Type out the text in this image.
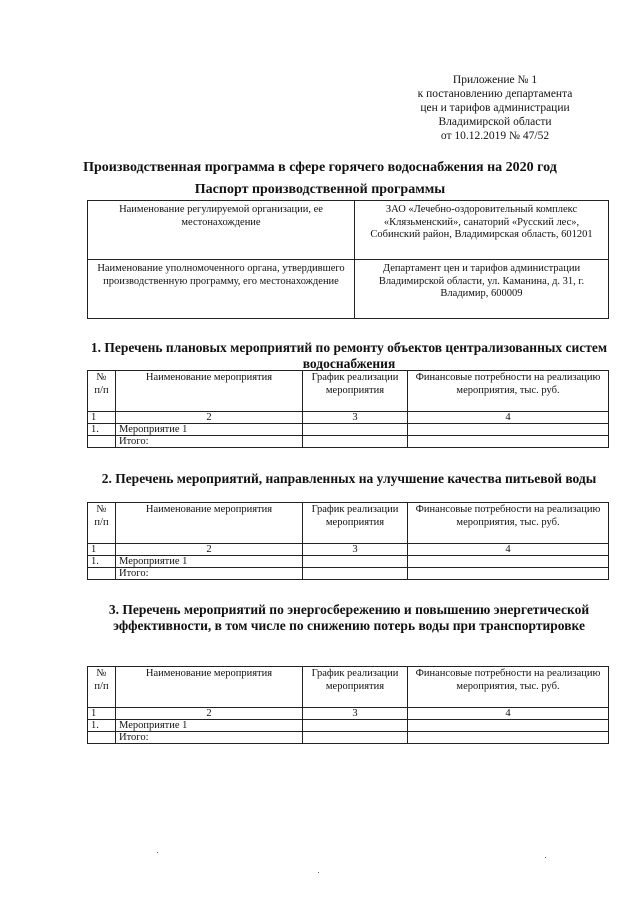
Приложение № 1
к постановлению департамента
цен и тарифов администрации
Владимирской области
от 10.12.2019 № 47/52
Производственная программа в сфере горячего водоснабжения на 2020 год
Паспорт производственной программы
Наименование регулируемой организации, ее местонахождение	ЗАО «Лечебно-оздоровительный комплекс «Клязьменский», санаторий «Русский лес», Собинский район, Владимирская область, 601201
Наименование уполномоченного органа, утвердившего производственную программу, его местонахождение	Департамент цен и тарифов администрации Владимирской области, ул. Каманина, д. 31, г. Владимир, 600009
1. Перечень плановых мероприятий по ремонту объектов централизованных систем водоснабжения
№ п/п	Наименование мероприятия	График реализации мероприятия	Финансовые потребности на реализацию мероприятия, тыс. руб.
1	2	3	4
1.	Мероприятие 1		
	Итого:		
2. Перечень мероприятий, направленных на улучшение качества питьевой воды
№ п/п	Наименование мероприятия	График реализации мероприятия	Финансовые потребности на реализацию мероприятия, тыс. руб.
1	2	3	4
1.	Мероприятие 1		
	Итого:		
3. Перечень мероприятий по энергосбережению и повышению энергетической эффективности, в том числе по снижению потерь воды при транспортировке
№ п/п	Наименование мероприятия	График реализации мероприятия	Финансовые потребности на реализацию мероприятия, тыс. руб.
1	2	3	4
1.	Мероприятие 1		
	Итого:		
